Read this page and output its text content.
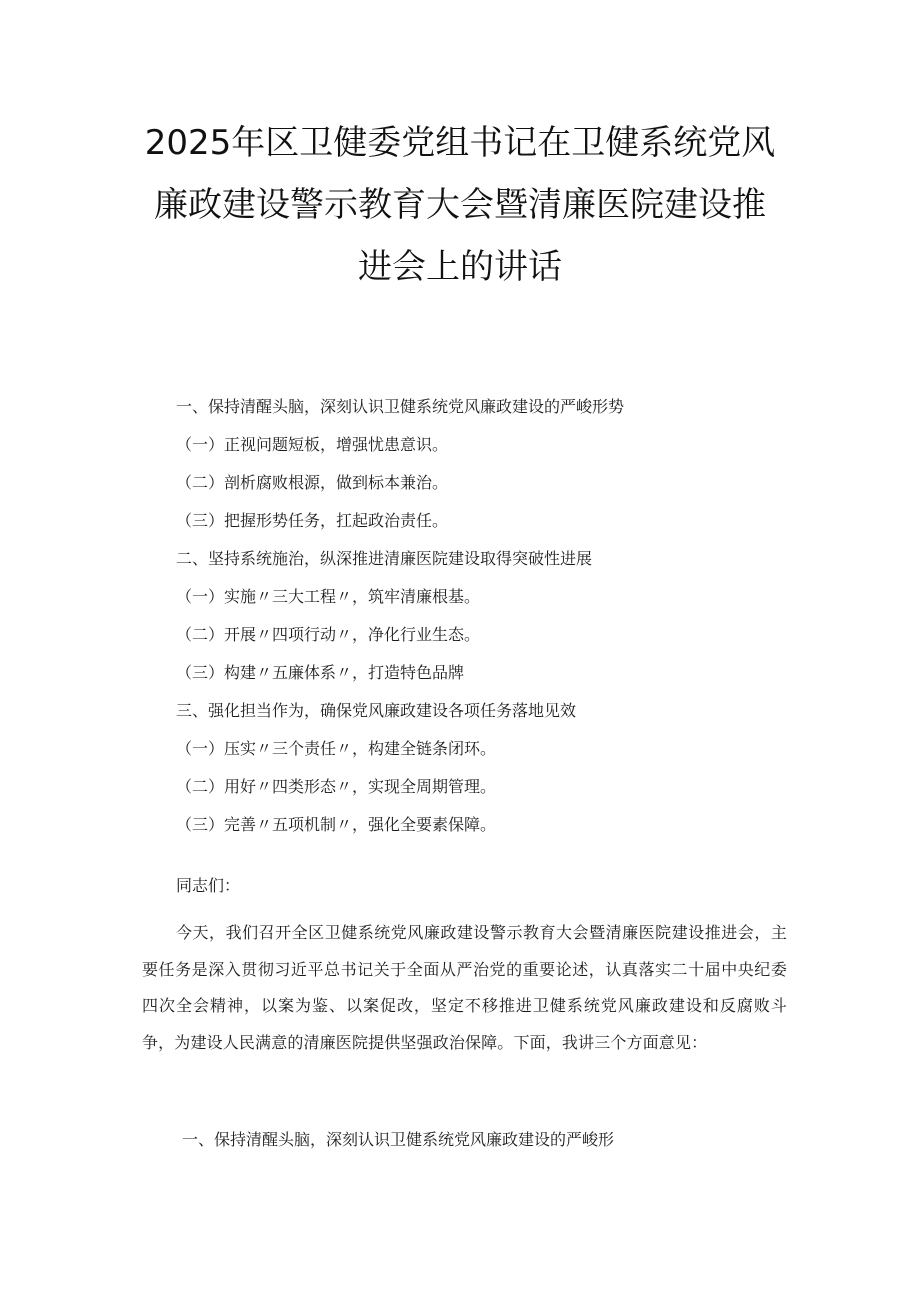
2025年区卫健委党组书记在卫健系统党风
廉政建设警示教育大会暨清廉医院建设推
进会上的讲话
一、保持清醒头脑，深刻认识卫健系统党风廉政建设的严峻形势
（一）正视问题短板，增强忧患意识。
（二）剖析腐败根源，做到标本兼治。
（三）把握形势任务，扛起政治责任。
二、坚持系统施治，纵深推进清廉医院建设取得突破性进展
（一）实施〃三大工程〃，筑牢清廉根基。
（二）开展〃四项行动〃，净化行业生态。
（三）构建〃五廉体系〃，打造特色品牌
三、强化担当作为，确保党风廉政建设各项任务落地见效
（一）压实〃三个责任〃，构建全链条闭环。
（二）用好〃四类形态〃，实现全周期管理。
（三）完善〃五项机制〃，强化全要素保障。

同志们：

今天，我们召开全区卫健系统党风廉政建设警示教育大会暨清廉医院建设推进会，主要任务是深入贯彻习近平总书记关于全面从严治党的重要论述，认真落实二十届中央纪委四次全会精神，以案为鉴、以案促改，坚定不移推进卫健系统党风廉政建设和反腐败斗争，为建设人民满意的清廉医院提供坚强政治保障。下面，我讲三个方面意见：

一、保持清醒头脑，深刻认识卫健系统党风廉政建设的严峻形
